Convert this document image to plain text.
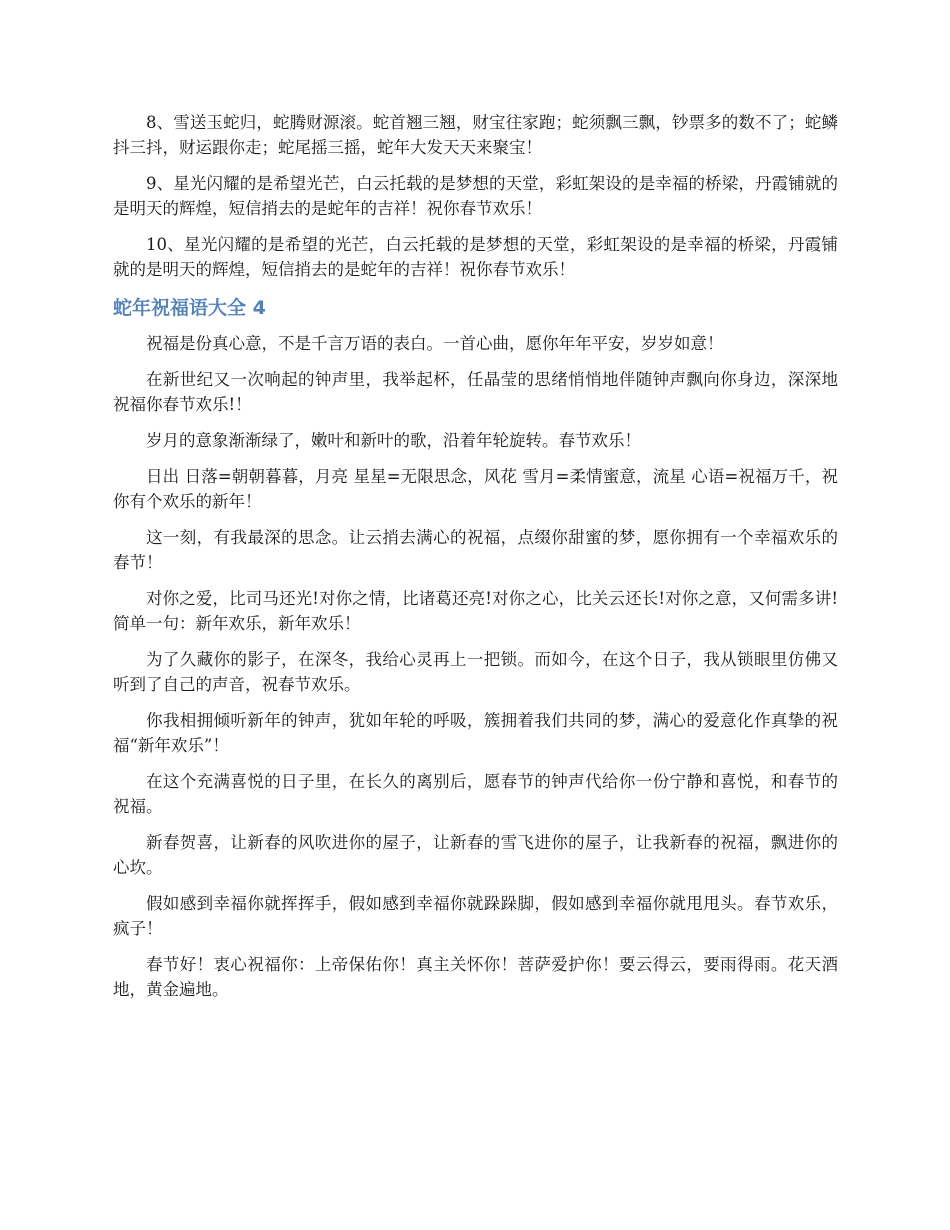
8、雪送玉蛇归，蛇腾财源滚。蛇首翘三翘，财宝往家跑；蛇须飘三飘，钞票多的数不了；蛇鳞抖三抖，财运跟你走；蛇尾摇三摇，蛇年大发天天来聚宝！

9、星光闪耀的是希望光芒，白云托载的是梦想的天堂，彩虹架设的是幸福的桥梁，丹霞铺就的是明天的辉煌，短信捎去的是蛇年的吉祥！祝你春节欢乐！

10、星光闪耀的是希望的光芒，白云托载的是梦想的天堂，彩虹架设的是幸福的桥梁，丹霞铺就的是明天的辉煌，短信捎去的是蛇年的吉祥！祝你春节欢乐！

蛇年祝福语大全 4

祝福是份真心意，不是千言万语的表白。一首心曲，愿你年年平安，岁岁如意！

在新世纪又一次响起的钟声里，我举起杯，任晶莹的思绪悄悄地伴随钟声飘向你身边，深深地祝福你春节欢乐!！

岁月的意象渐渐绿了，嫩叶和新叶的歌，沿着年轮旋转。春节欢乐！

日出 日落=朝朝暮暮，月亮 星星=无限思念，风花 雪月=柔情蜜意，流星 心语=祝福万千，祝你有个欢乐的新年！

这一刻，有我最深的思念。让云捎去满心的祝福，点缀你甜蜜的梦，愿你拥有一个幸福欢乐的春节！

对你之爱，比司马还光!对你之情，比诸葛还亮!对你之心，比关云还长!对你之意，又何需多讲!简单一句：新年欢乐，新年欢乐！

为了久藏你的影子，在深冬，我给心灵再上一把锁。而如今，在这个日子，我从锁眼里仿佛又听到了自己的声音，祝春节欢乐。

你我相拥倾听新年的钟声，犹如年轮的呼吸，簇拥着我们共同的梦，满心的爱意化作真挚的祝福“新年欢乐”！

在这个充满喜悦的日子里，在长久的离别后，愿春节的钟声代给你一份宁静和喜悦，和春节的祝福。

新春贺喜，让新春的风吹进你的屋子，让新春的雪飞进你的屋子，让我新春的祝福，飘进你的心坎。

假如感到幸福你就挥挥手，假如感到幸福你就跺跺脚，假如感到幸福你就甩甩头。春节欢乐，疯子！

春节好！衷心祝福你：上帝保佑你！真主关怀你！菩萨爱护你！要云得云，要雨得雨。花天酒地，黄金遍地。
